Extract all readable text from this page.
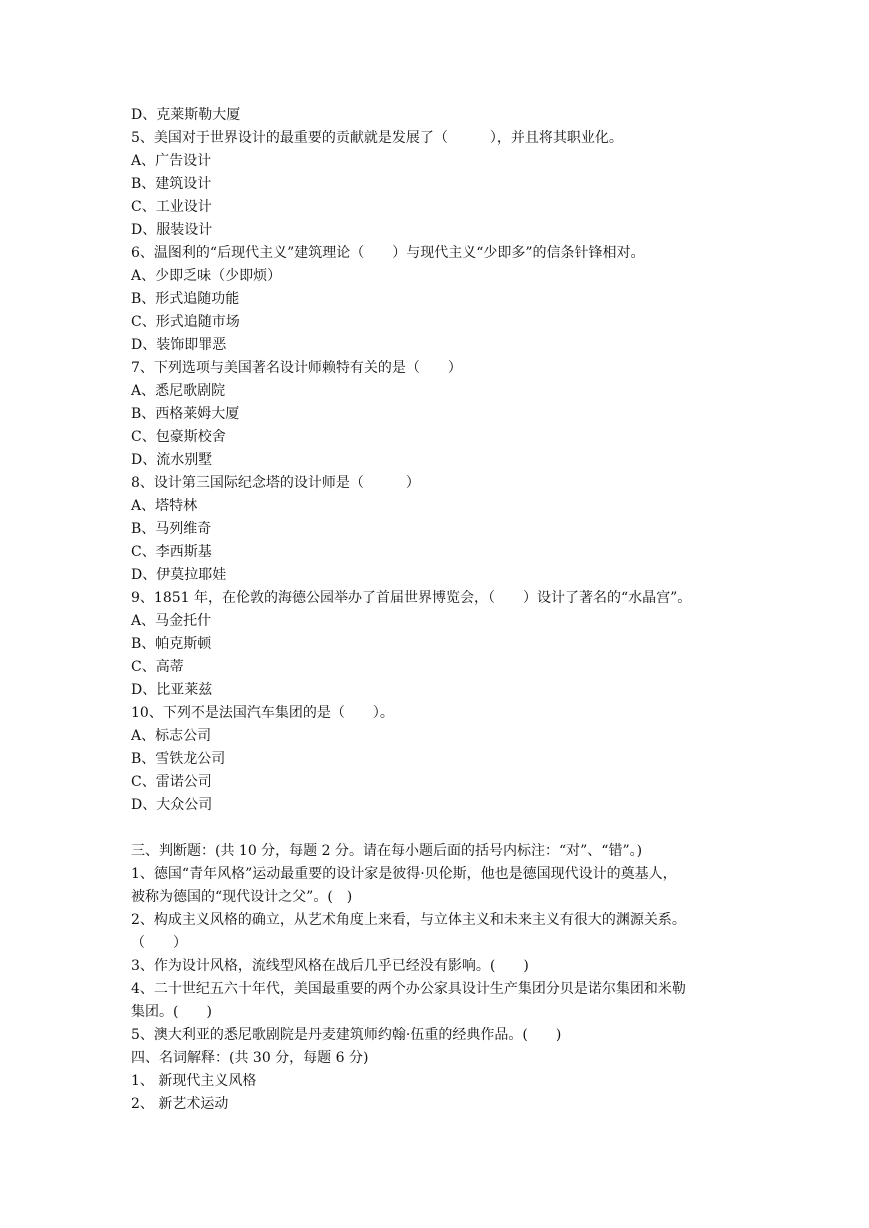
D、克莱斯勒大厦
5、美国对于世界设计的最重要的贡献就是发展了（　　　），并且将其职业化。
A、广告设计
B、建筑设计
C、工业设计
D、服装设计
6、温图利的“后现代主义”建筑理论（　　）与现代主义“少即多”的信条针锋相对。
A、少即乏味（少即烦）
B、形式追随功能
C、形式追随市场
D、装饰即罪恶
7、下列选项与美国著名设计师赖特有关的是（　　）
A、悉尼歌剧院
B、西格莱姆大厦
C、包豪斯校舍
D、流水别墅
8、设计第三国际纪念塔的设计师是（　　　）
A、塔特林
B、马列维奇
C、李西斯基
D、伊莫拉耶娃
9、1851 年，在伦敦的海德公园举办了首届世界博览会，（　　）设计了著名的“水晶宫”。
A、马金托什
B、帕克斯顿
C、高蒂
D、比亚莱兹
10、下列不是法国汽车集团的是（　　）。
A、标志公司
B、雪铁龙公司
C、雷诺公司
D、大众公司
三、判断题：(共 10 分，每题 2 分。请在每小题后面的括号内标注：“对”、“错”。)
1、德国“青年风格”运动最重要的设计家是彼得·贝伦斯，他也是德国现代设计的奠基人，
被称为德国的“现代设计之父”。(　)
2、构成主义风格的确立，从艺术角度上来看，与立体主义和未来主义有很大的渊源关系。
（　　）
3、作为设计风格，流线型风格在战后几乎已经没有影响。(　　)
4、二十世纪五六十年代，美国最重要的两个办公家具设计生产集团分贝是诺尔集团和米勒
集团。(　　)
5、澳大利亚的悉尼歌剧院是丹麦建筑师约翰·伍重的经典作品。(　　)
四、名词解释：(共 30 分，每题 6 分)
1、 新现代主义风格
2、 新艺术运动
